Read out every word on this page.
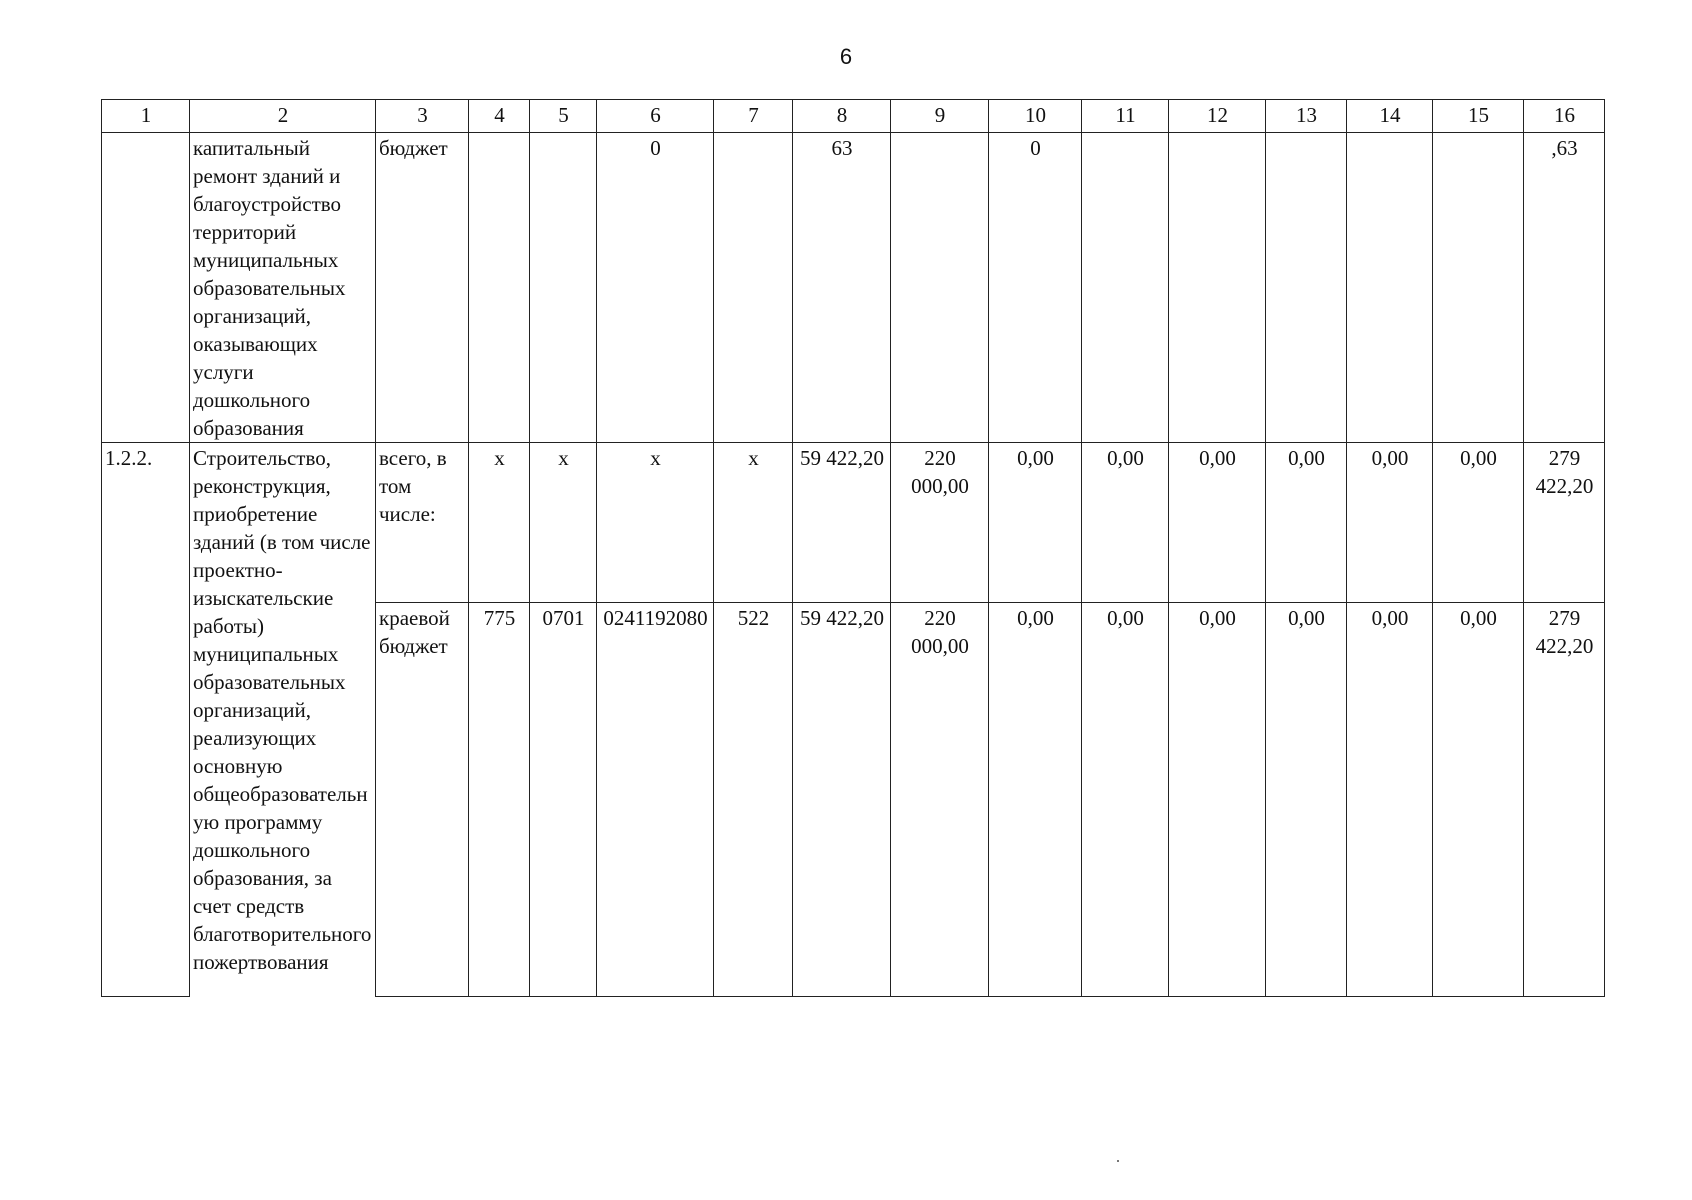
6
1	2	3	4	5	6	7	8	9	10	11	12	13	14	15	16
	капитальный ремонт зданий и благоустройство территорий муниципальных образовательных организаций, оказывающих услуги дошкольного образования	бюджет			0		63		0						,63
1.2.2.	Строительство, реконструкция, приобретение зданий (в том числе проектно-изыскательские работы) муниципальных образовательных организаций, реализующих основную общеобразовательную программу дошкольного образования, за счет средств благотворительного пожертвования	всего, в том числе:	х	х	х	х	59 422,20	220 000,00	0,00	0,00	0,00	0,00	0,00	0,00	279 422,20
		краевой бюджет	775	0701	0241192080	522	59 422,20	220 000,00	0,00	0,00	0,00	0,00	0,00	0,00	279 422,20
